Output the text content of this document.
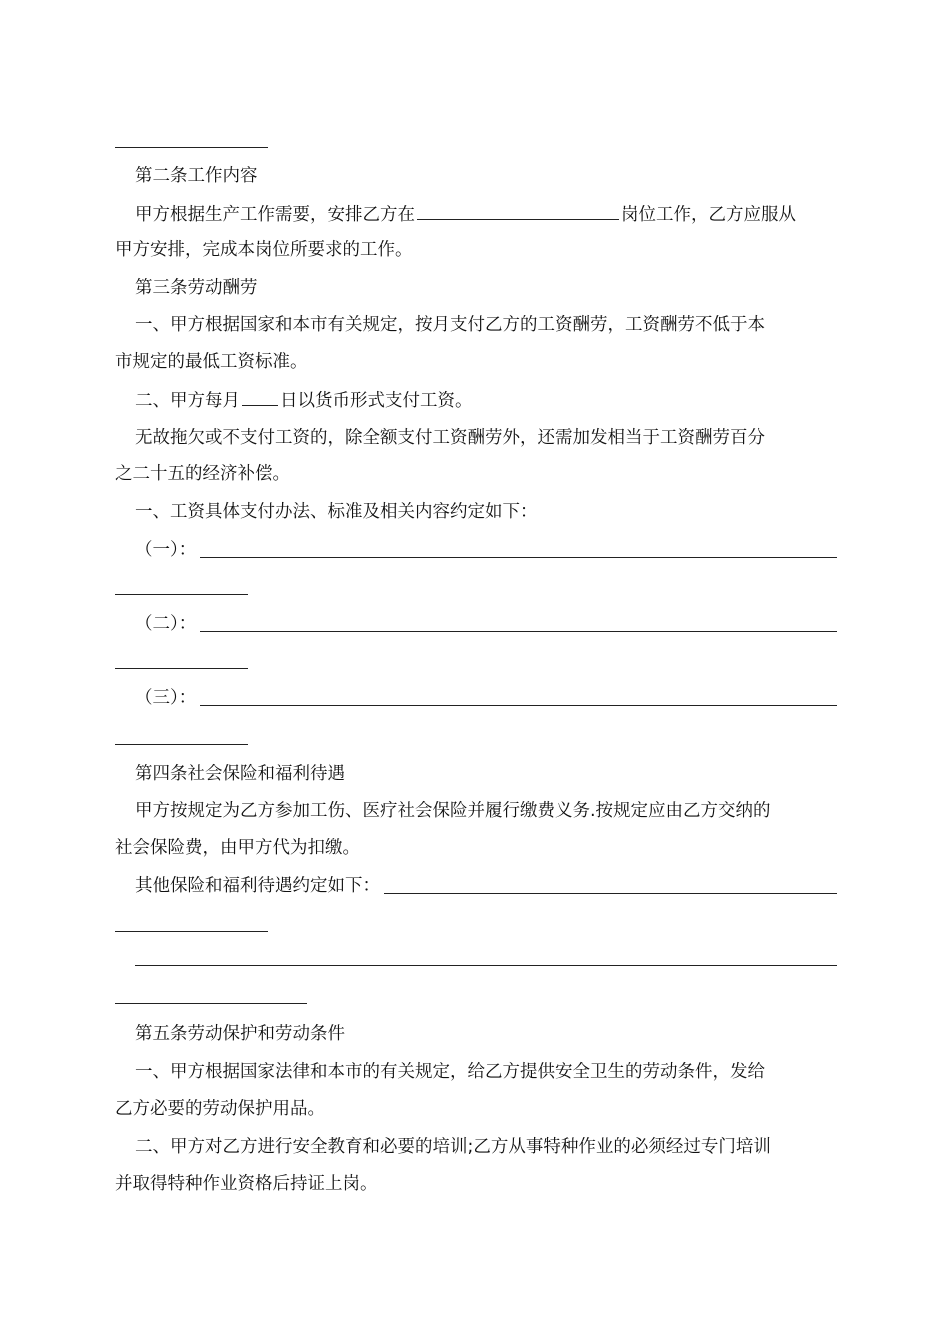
第二条工作内容
甲方根据生产工作需要，安排乙方在	岗位工作，乙方应服从
甲方安排，完成本岗位所要求的工作。
第三条劳动酬劳
一、甲方根据国家和本市有关规定，按月支付乙方的工资酬劳，工资酬劳不低于本
市规定的最低工资标准。
二、甲方每月 日以货币形式支付工资。
无故拖欠或不支付工资的，除全额支付工资酬劳外，还需加发相当于工资酬劳百分
之二十五的经济补偿。
一、工资具体支付办法、标准及相关内容约定如下：
（一）：
（二）：
（三）：
第四条社会保险和福利待遇
甲方按规定为乙方参加工伤、医疗社会保险并履行缴费义务.按规定应由乙方交纳的
社会保险费，由甲方代为扣缴。
其他保险和福利待遇约定如下：
第五条劳动保护和劳动条件
一、甲方根据国家法律和本市的有关规定，给乙方提供安全卫生的劳动条件，发给
乙方必要的劳动保护用品。
二、甲方对乙方进行安全教育和必要的培训;乙方从事特种作业的必须经过专门培训
并取得特种作业资格后持证上岗。
